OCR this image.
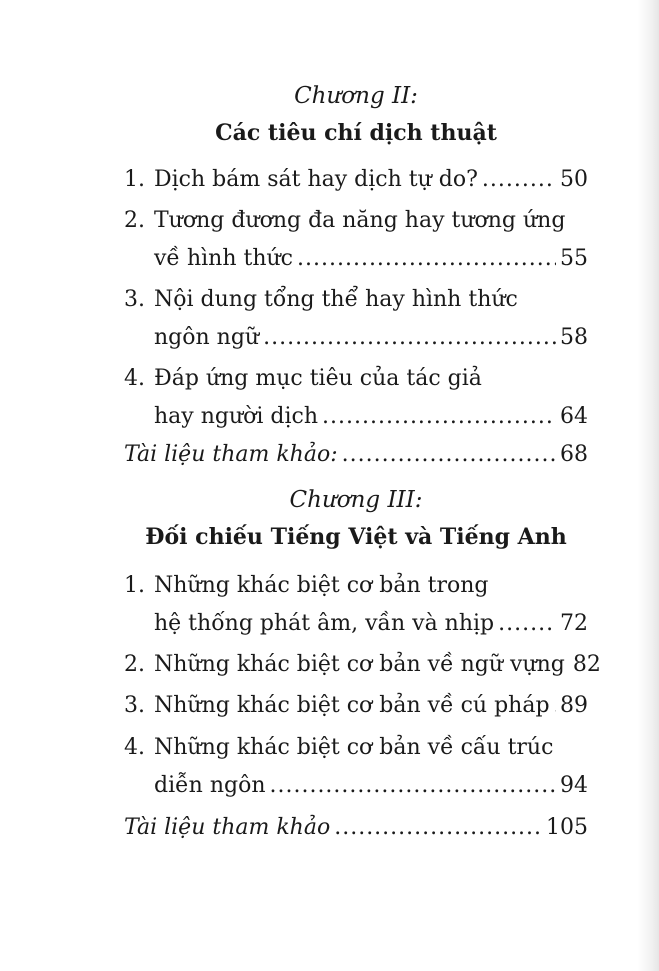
Chương II:
Các tiêu chí dịch thuật
1. Dịch bám sát hay dịch tự do? .....	50
2. Tương đương đa năng hay tương ứng
về hình thức .....	55
3. Nội dung tổng thể hay hình thức
ngôn ngữ .....	58
4. Đáp ứng mục tiêu của tác giả
hay người dịch .....	64
Tài liệu tham khảo: .....	68
Chương III:
Đối chiếu Tiếng Việt và Tiếng Anh
1. Những khác biệt cơ bản trong
hệ thống phát âm, vần và nhịp .....	72
2. Những khác biệt cơ bản về ngữ vựng 82
3. Những khác biệt cơ bản về cú pháp ..... 89
4. Những khác biệt cơ bản về cấu trúc
diễn ngôn .....	94
Tài liệu tham khảo .....	105
